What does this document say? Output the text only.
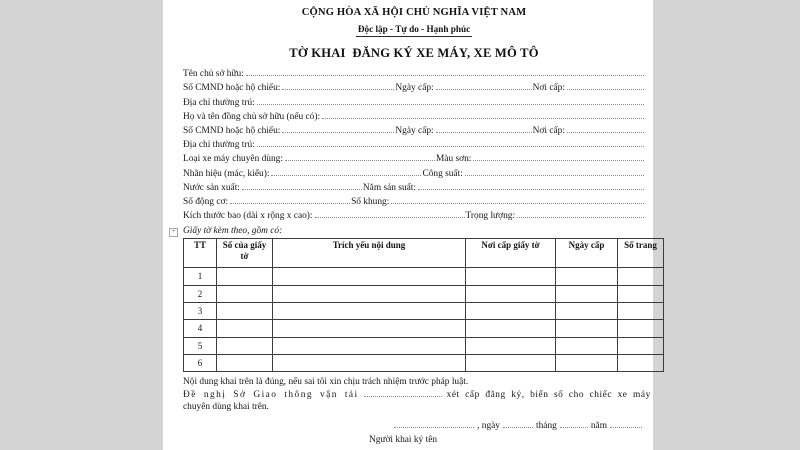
CỘNG HÒA XÃ HỘI CHỦ NGHĨA VIỆT NAM
Độc lập - Tự do - Hạnh phúc
TỜ KHAI  ĐĂNG KÝ XE MÁY, XE MÔ TÔ
Tên chủ sở hữu:
Số CMND hoặc hộ chiếu:	Ngày cấp:	Nơi cấp:
Địa chỉ thường trú:
Họ và tên đồng chủ sở hữu (nếu có):
Số CMND hoặc hộ chiếu:	Ngày cấp:	Nơi cấp:
Địa chỉ thường trú:
Loại xe máy chuyên dùng:	Màu sơn:
Nhãn hiệu (mác, kiểu):	Công suất:
Nước sản xuất:	Năm sản suất:
Số động cơ:	Số khung:
Kích thước bao (dài x rộng x cao):	Trọng lượng:
+ Giấy tờ kèm theo, gồm có:
TT	Số của giấy tờ	Trích yếu nội dung	Nơi cấp giấy tờ	Ngày cấp	Số trang
1					
2					
3					
4					
5					
6					
Nội dung khai trên là đúng, nếu sai tôi xin chịu trách nhiệm trước pháp luật.
Đề nghị Sở Giao thông vận tải	xét cấp đăng ký, biển số cho chiếc xe máy
chuyên dùng khai trên.
, ngày	tháng	năm
Người khai ký tên
